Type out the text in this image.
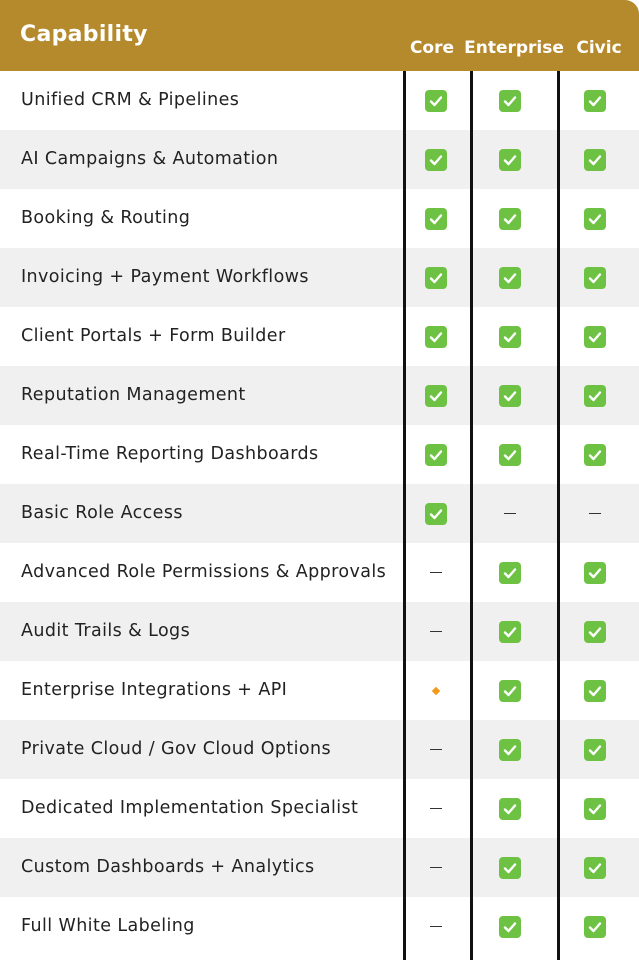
Capability
Core Enterprise Civic
Unified CRM & Pipelines
AI Campaigns & Automation
Booking & Routing
Invoicing + Payment Workflows
Client Portals + Form Builder
Reputation Management
Real-Time Reporting Dashboards
Basic Role Access
Advanced Role Permissions & Approvals
Audit Trails & Logs
Enterprise Integrations + API
Private Cloud / Gov Cloud Options
Dedicated Implementation Specialist
Custom Dashboards + Analytics
Full White Labeling
